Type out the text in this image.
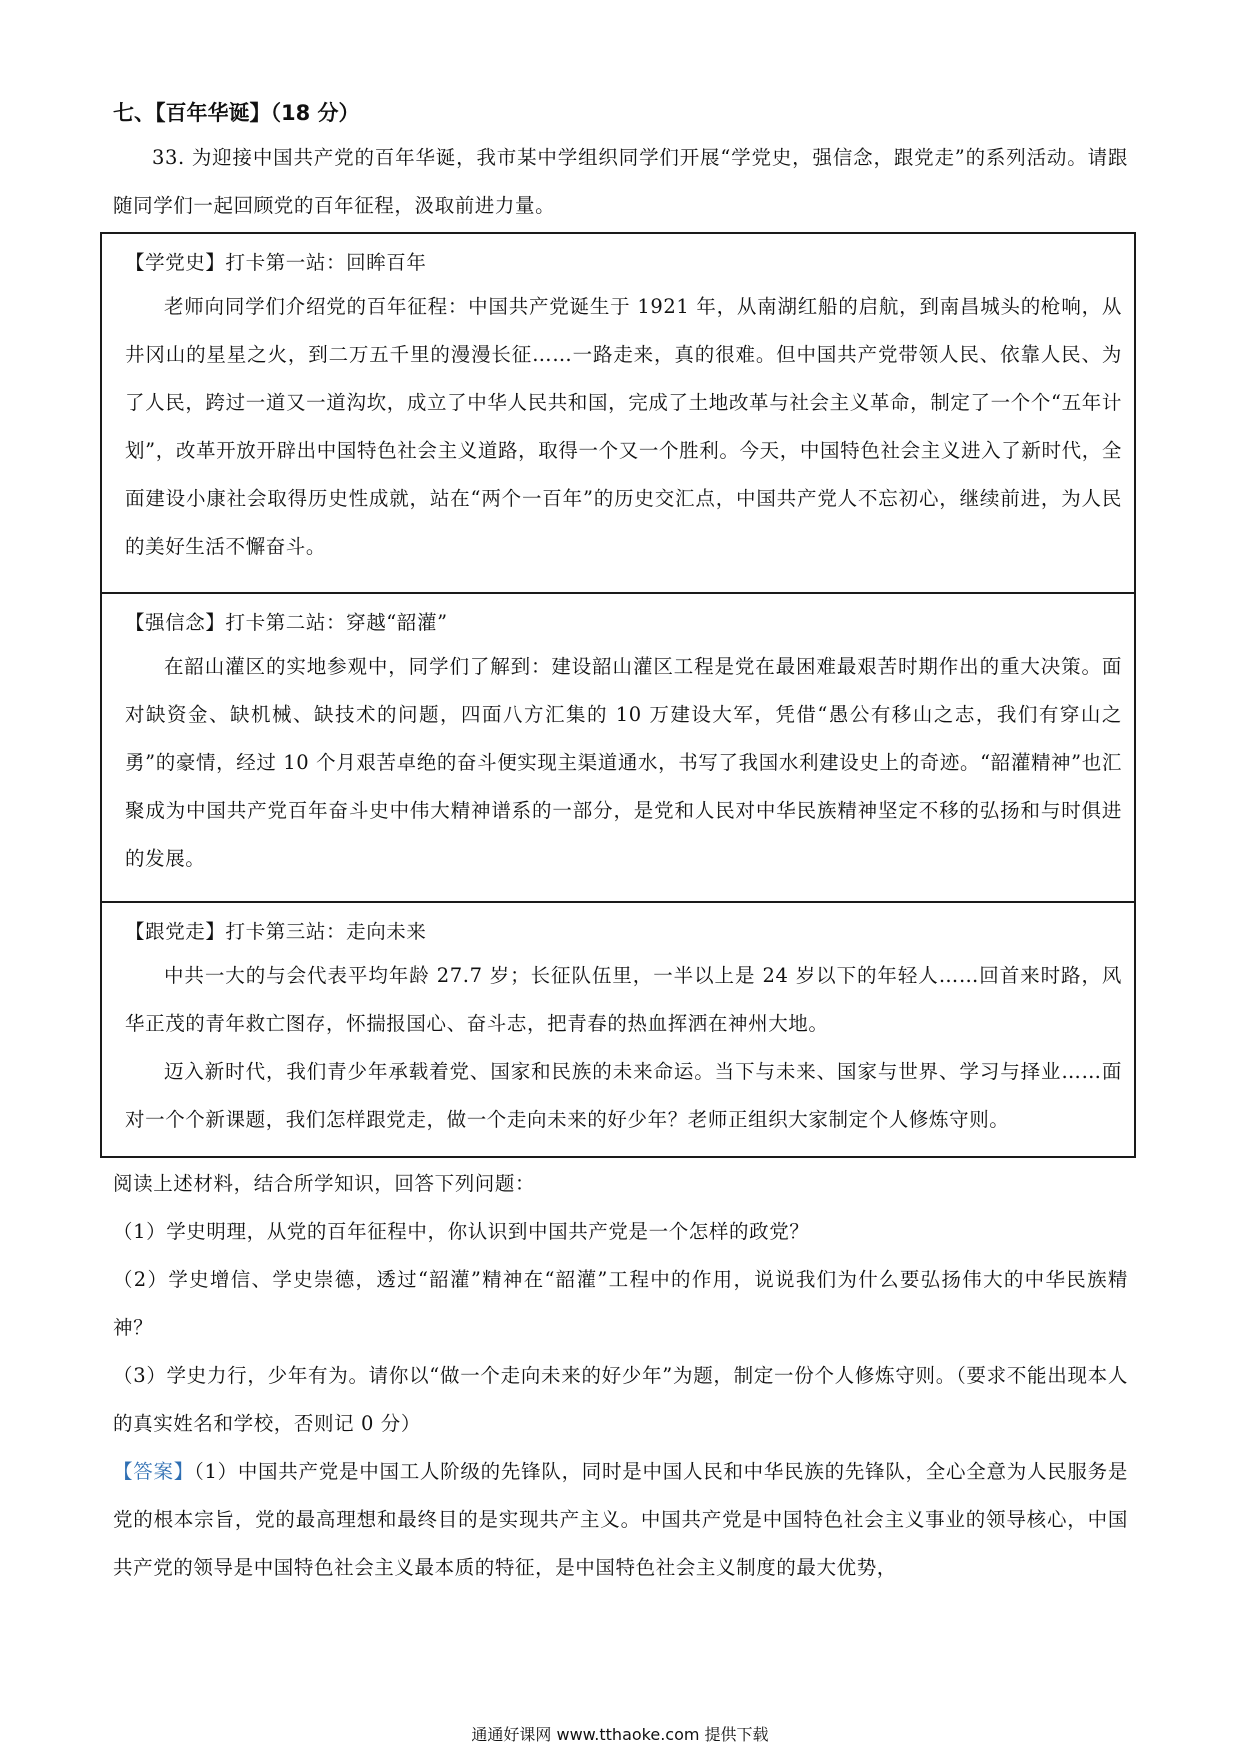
七、【百年华诞】（18 分）

33. 为迎接中国共产党的百年华诞，我市某中学组织同学们开展“学党史，强信念，跟党走”的系列活动。请跟随同学们一起回顾党的百年征程，汲取前进力量。

【学党史】打卡第一站：回眸百年

老师向同学们介绍党的百年征程：中国共产党诞生于 1921 年，从南湖红船的启航，到南昌城头的枪响，从井冈山的星星之火，到二万五千里的漫漫长征……一路走来，真的很难。但中国共产党带领人民、依靠人民、为了人民，跨过一道又一道沟坎，成立了中华人民共和国，完成了土地改革与社会主义革命，制定了一个个“五年计划”，改革开放开辟出中国特色社会主义道路，取得一个又一个胜利。今天，中国特色社会主义进入了新时代，全面建设小康社会取得历史性成就，站在“两个一百年”的历史交汇点，中国共产党人不忘初心，继续前进，为人民的美好生活不懈奋斗。

【强信念】打卡第二站：穿越“韶灌”

在韶山灌区的实地参观中，同学们了解到：建设韶山灌区工程是党在最困难最艰苦时期作出的重大决策。面对缺资金、缺机械、缺技术的问题，四面八方汇集的 10 万建设大军，凭借“愚公有移山之志，我们有穿山之勇”的豪情，经过 10 个月艰苦卓绝的奋斗便实现主渠道通水，书写了我国水利建设史上的奇迹。“韶灌精神”也汇聚成为中国共产党百年奋斗史中伟大精神谱系的一部分，是党和人民对中华民族精神坚定不移的弘扬和与时俱进的发展。

【跟党走】打卡第三站：走向未来

中共一大的与会代表平均年龄 27.7 岁；长征队伍里，一半以上是 24 岁以下的年轻人……回首来时路，风华正茂的青年救亡图存，怀揣报国心、奋斗志，把青春的热血挥洒在神州大地。

迈入新时代，我们青少年承载着党、国家和民族的未来命运。当下与未来、国家与世界、学习与择业……面对一个个新课题，我们怎样跟党走，做一个走向未来的好少年？老师正组织大家制定个人修炼守则。

阅读上述材料，结合所学知识，回答下列问题：

（1）学史明理，从党的百年征程中，你认识到中国共产党是一个怎样的政党？

（2）学史增信、学史崇德，透过“韶灌”精神在“韶灌”工程中的作用，说说我们为什么要弘扬伟大的中华民族精神？

（3）学史力行，少年有为。请你以“做一个走向未来的好少年”为题，制定一份个人修炼守则。（要求不能出现本人的真实姓名和学校，否则记 0 分）

【答案】（1）中国共产党是中国工人阶级的先锋队，同时是中国人民和中华民族的先锋队，全心全意为人民服务是党的根本宗旨，党的最高理想和最终目的是实现共产主义。中国共产党是中国特色社会主义事业的领导核心，中国共产党的领导是中国特色社会主义最本质的特征，是中国特色社会主义制度的最大优势，

通通好课网 www.tthaoke.com 提供下载
